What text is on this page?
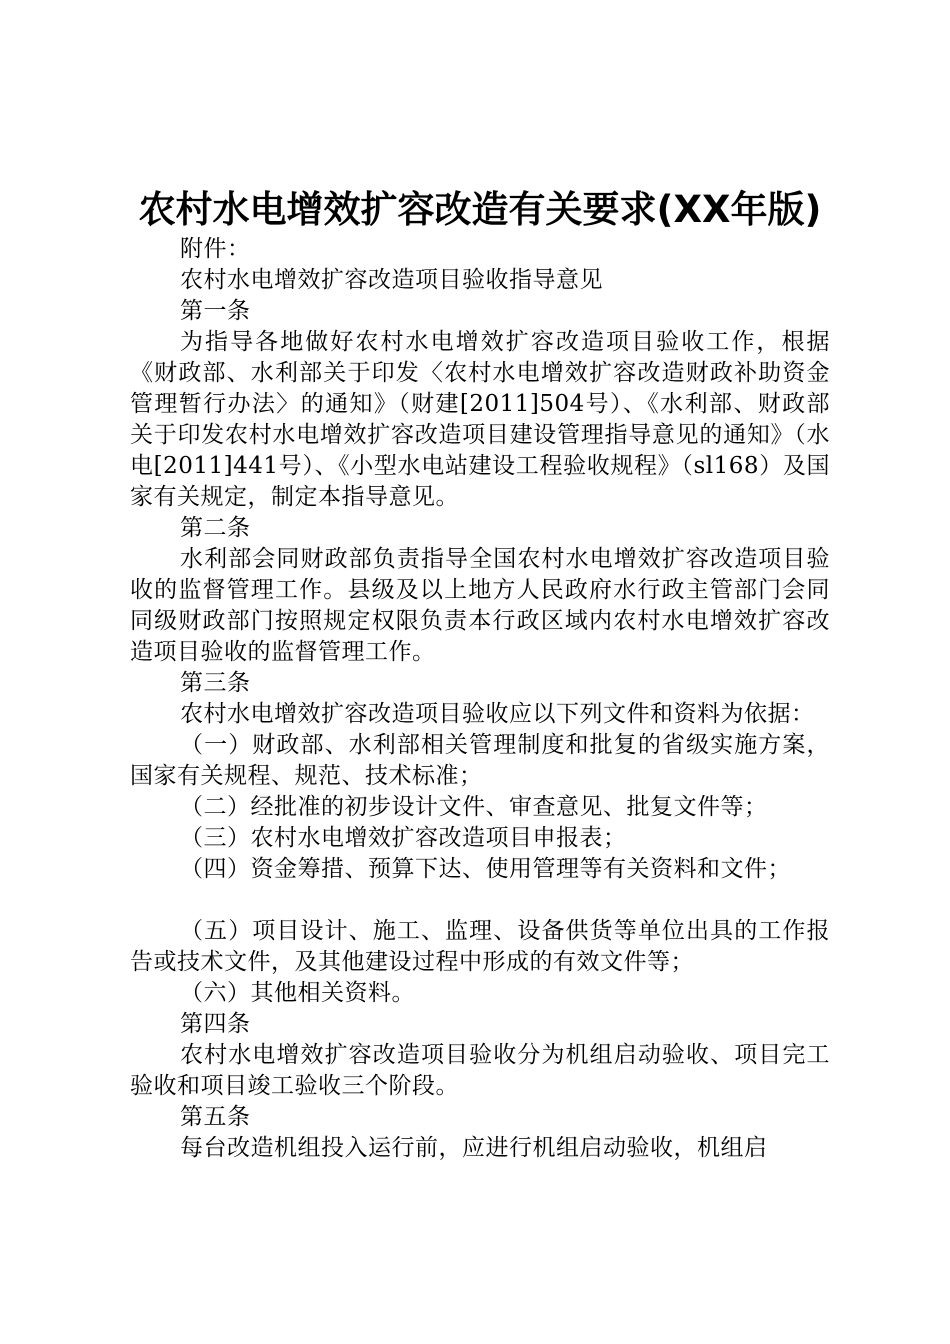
农村水电增效扩容改造有关要求(XX年版)

附件：

农村水电增效扩容改造项目验收指导意见

第一条

为指导各地做好农村水电增效扩容改造项目验收工作，根据《财政部、水利部关于印发〈农村水电增效扩容改造财政补助资金管理暂行办法〉的通知》（财建[2011]504号）、《水利部、财政部关于印发农村水电增效扩容改造项目建设管理指导意见的通知》（水电[2011]441号）、《小型水电站建设工程验收规程》（sl168）及国家有关规定，制定本指导意见。

第二条

水利部会同财政部负责指导全国农村水电增效扩容改造项目验收的监督管理工作。县级及以上地方人民政府水行政主管部门会同同级财政部门按照规定权限负责本行政区域内农村水电增效扩容改造项目验收的监督管理工作。

第三条

农村水电增效扩容改造项目验收应以下列文件和资料为依据：

（一）财政部、水利部相关管理制度和批复的省级实施方案，国家有关规程、规范、技术标准；

（二）经批准的初步设计文件、审查意见、批复文件等；

（三）农村水电增效扩容改造项目申报表；

（四）资金筹措、预算下达、使用管理等有关资料和文件；

（五）项目设计、施工、监理、设备供货等单位出具的工作报告或技术文件，及其他建设过程中形成的有效文件等；

（六）其他相关资料。

第四条

农村水电增效扩容改造项目验收分为机组启动验收、项目完工验收和项目竣工验收三个阶段。

第五条

每台改造机组投入运行前，应进行机组启动验收，机组启
